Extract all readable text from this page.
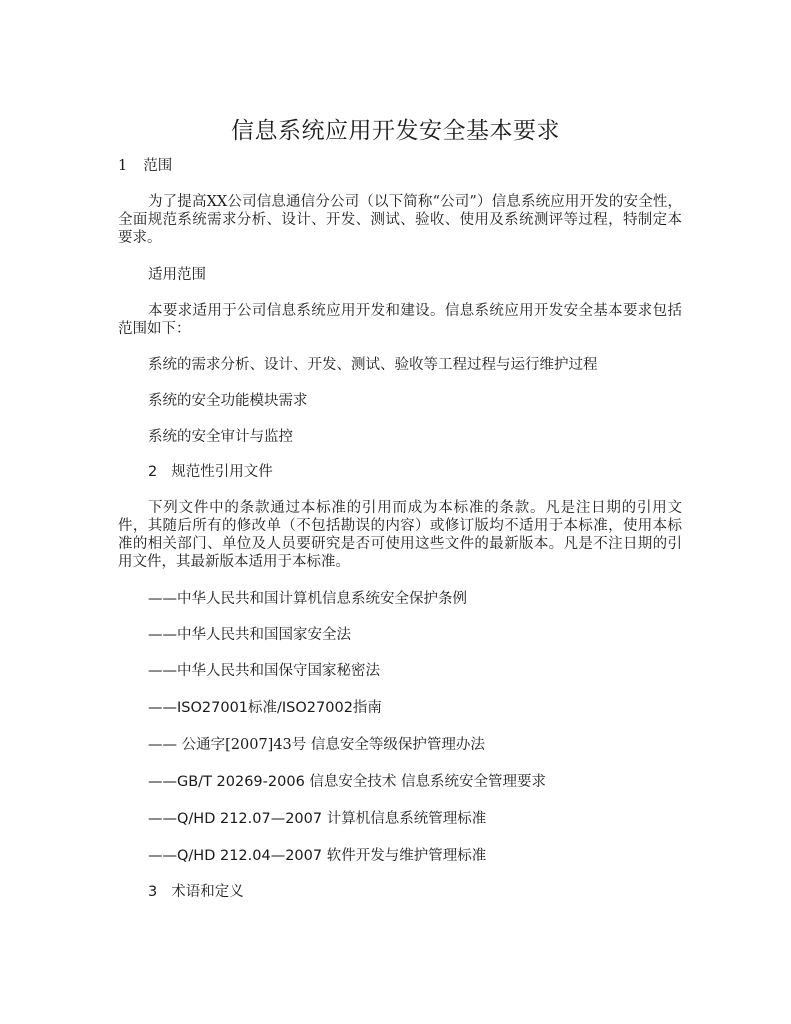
信息系统应用开发安全基本要求
1 范围
为了提高XX公司信息通信分公司（以下简称“公司”）信息系统应用开发的安全性，全面规范系统需求分析、设计、开发、测试、验收、使用及系统测评等过程，特制定本要求。
适用范围
本要求适用于公司信息系统应用开发和建设。信息系统应用开发安全基本要求包括范围如下：
系统的需求分析、设计、开发、测试、验收等工程过程与运行维护过程
系统的安全功能模块需求
系统的安全审计与监控
2 规范性引用文件
下列文件中的条款通过本标准的引用而成为本标准的条款。凡是注日期的引用文件，其随后所有的修改单（不包括勘误的内容）或修订版均不适用于本标准，使用本标准的相关部门、单位及人员要研究是否可使用这些文件的最新版本。凡是不注日期的引用文件，其最新版本适用于本标准。
——中华人民共和国计算机信息系统安全保护条例
——中华人民共和国国家安全法
——中华人民共和国保守国家秘密法
——ISO27001标准/ISO27002指南
—— 公通字[2007]43号 信息安全等级保护管理办法
——GB/T 20269-2006 信息安全技术 信息系统安全管理要求
——Q/HD 212.07—2007 计算机信息系统管理标准
——Q/HD 212.04—2007 软件开发与维护管理标准
3 术语和定义
